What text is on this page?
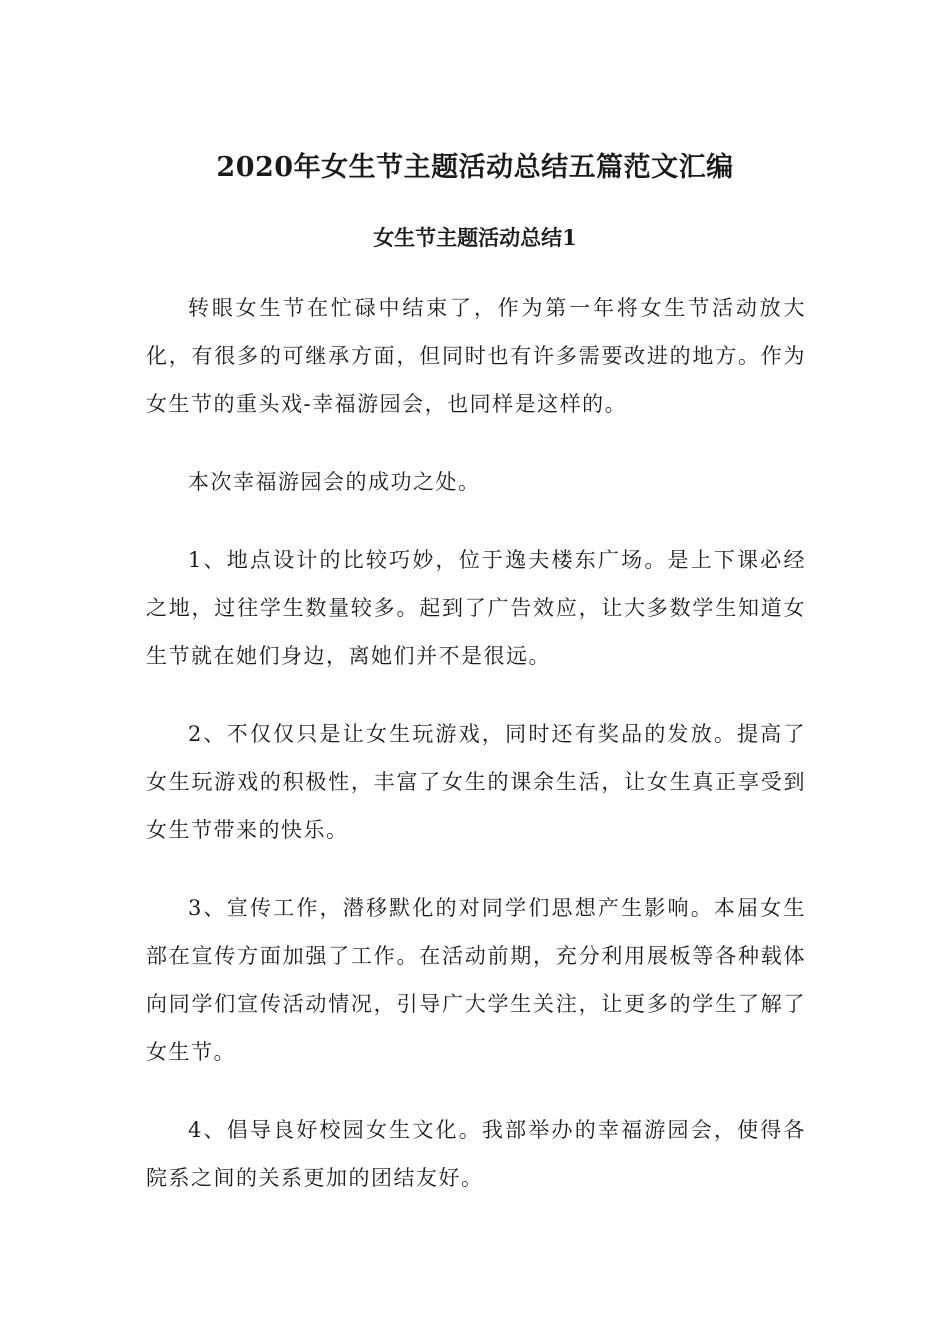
2020年女生节主题活动总结五篇范文汇编
女生节主题活动总结1

转眼女生节在忙碌中结束了，作为第一年将女生节活动放大化，有很多的可继承方面，但同时也有许多需要改进的地方。作为女生节的重头戏-幸福游园会，也同样是这样的。

本次幸福游园会的成功之处。

1、地点设计的比较巧妙，位于逸夫楼东广场。是上下课必经之地，过往学生数量较多。起到了广告效应，让大多数学生知道女生节就在她们身边，离她们并不是很远。

2、不仅仅只是让女生玩游戏，同时还有奖品的发放。提高了女生玩游戏的积极性，丰富了女生的课余生活，让女生真正享受到女生节带来的快乐。

3、宣传工作，潜移默化的对同学们思想产生影响。本届女生部在宣传方面加强了工作。在活动前期，充分利用展板等各种载体向同学们宣传活动情况，引导广大学生关注，让更多的学生了解了女生节。

4、倡导良好校园女生文化。我部举办的幸福游园会，使得各院系之间的关系更加的团结友好。
